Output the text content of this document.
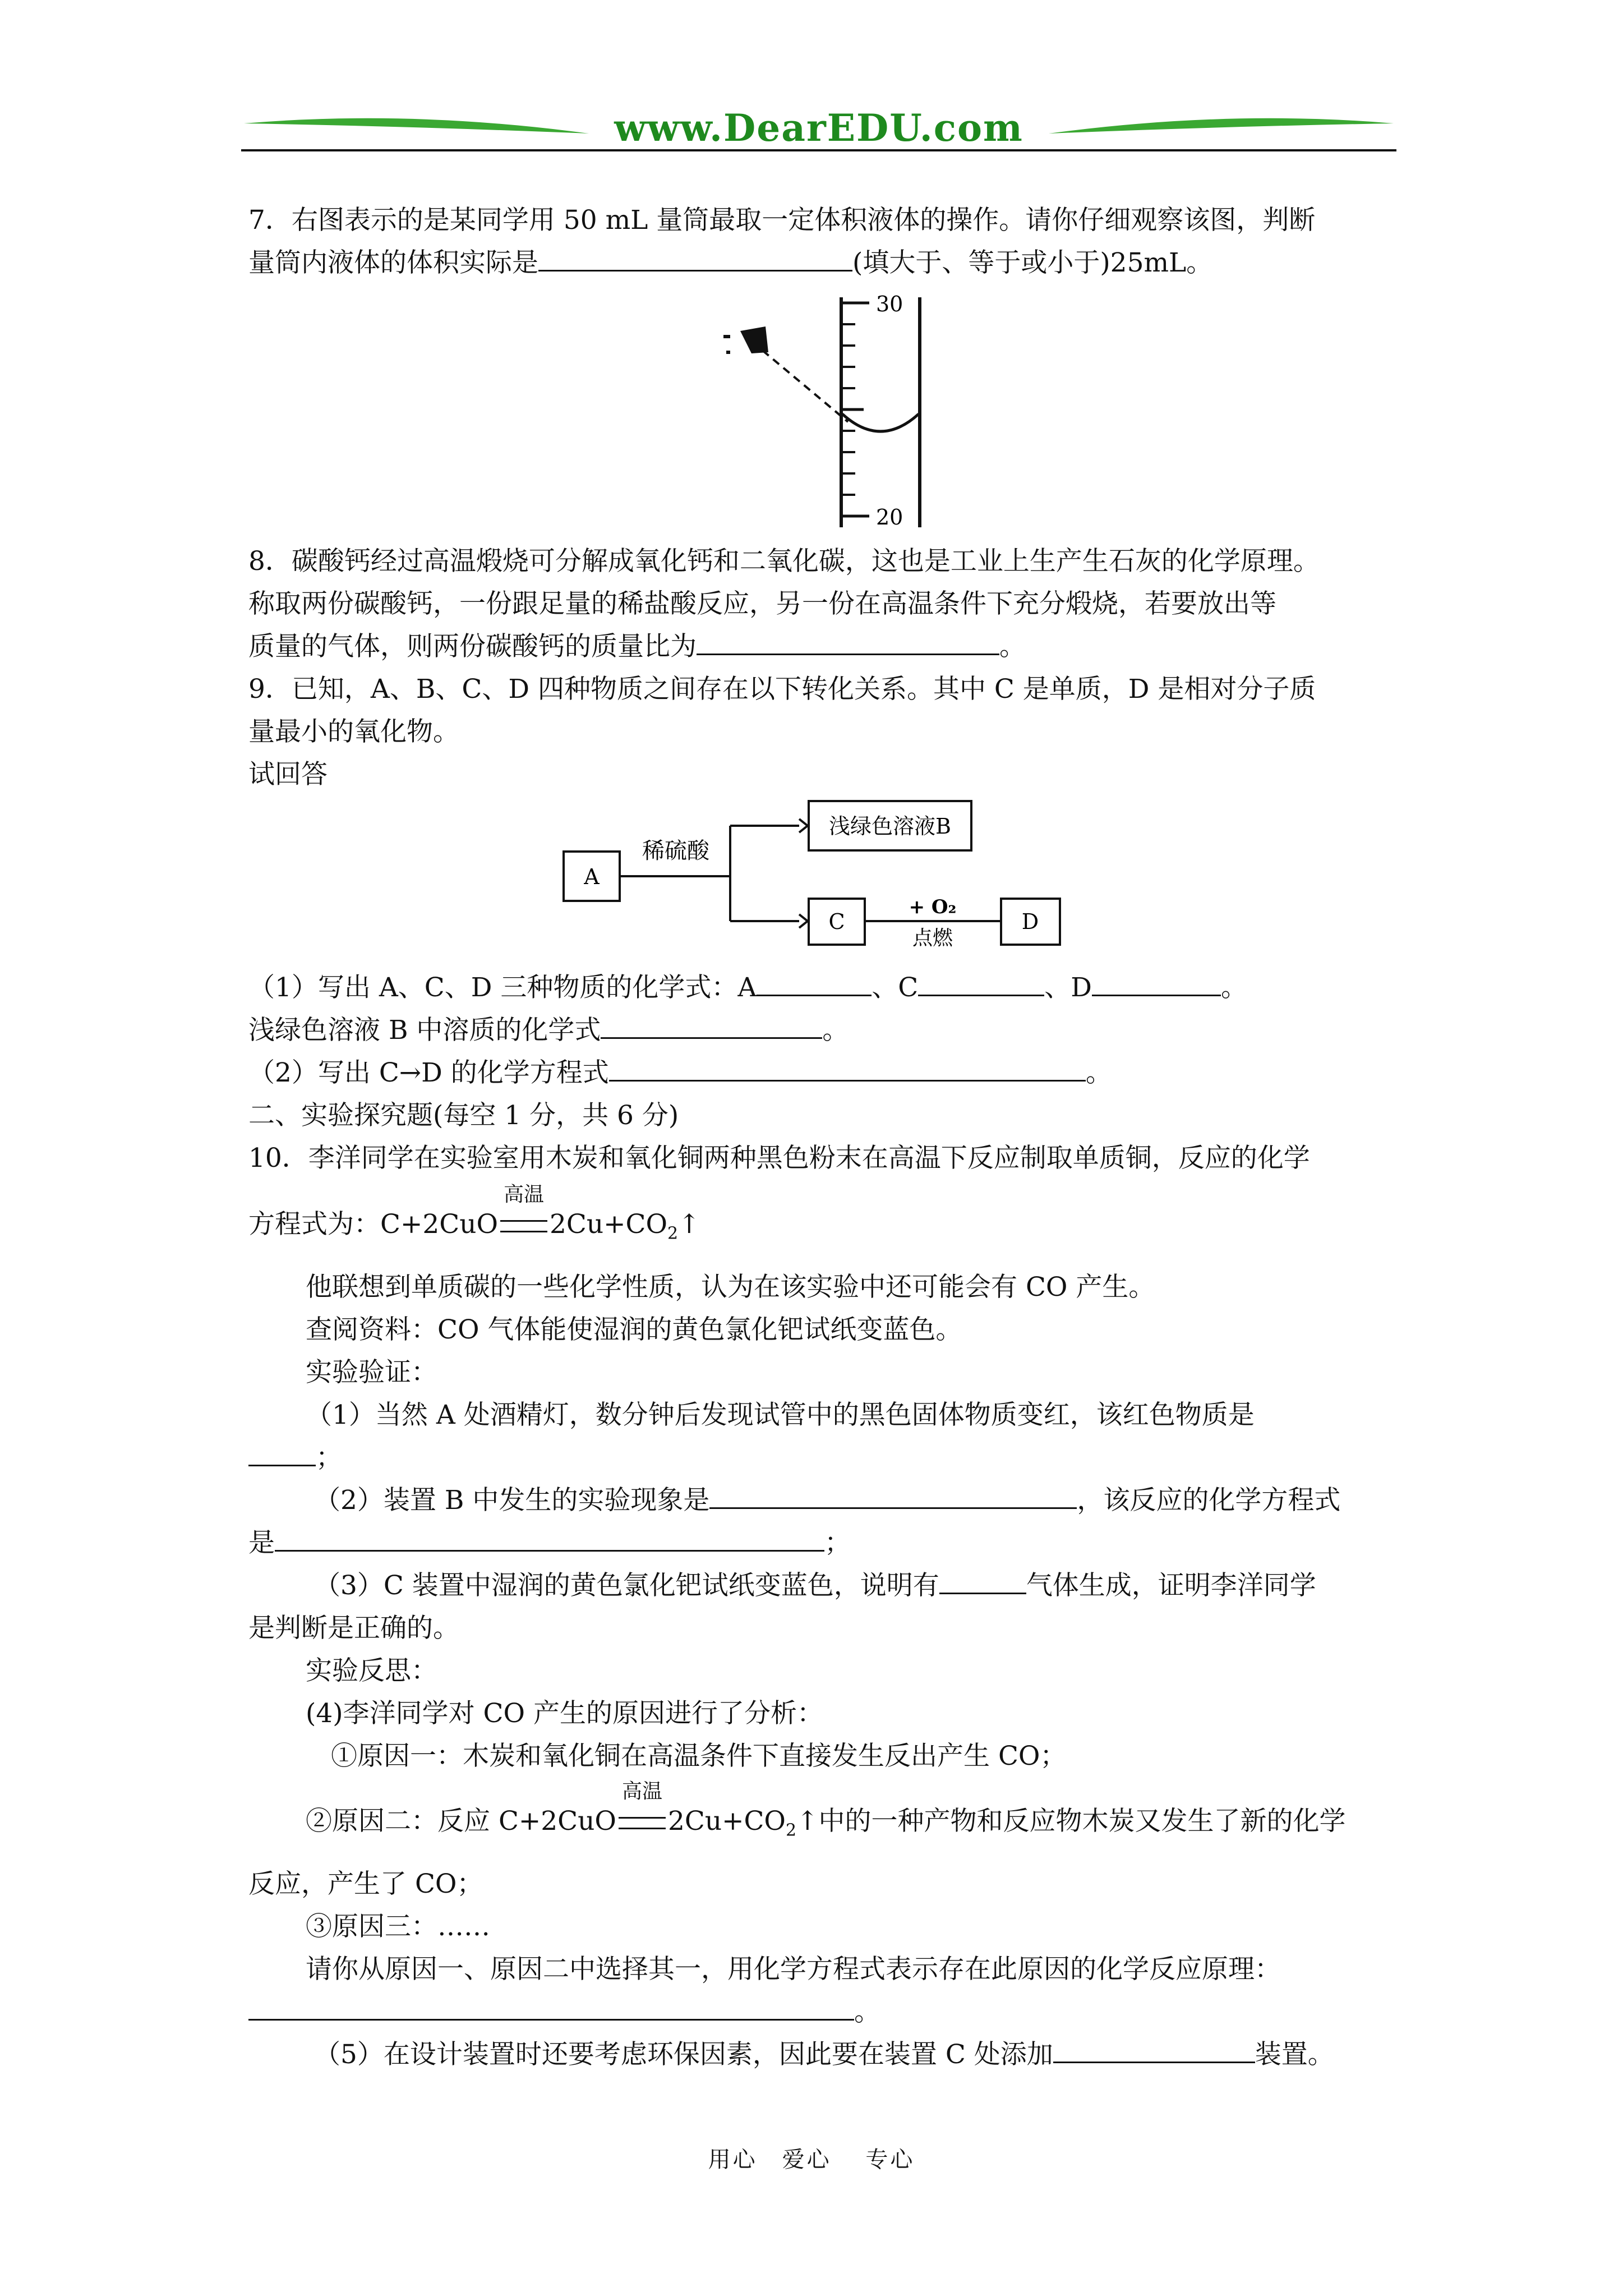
www.DearEDU.com
7．右图表示的是某同学用 50 mL 量筒最取一定体积液体的操作。请你仔细观察该图，判断
量筒内液体的体积实际是	(填大于、等于或小于)25mL。
30
20
8．碳酸钙经过高温煅烧可分解成氧化钙和二氧化碳，这也是工业上生产生石灰的化学原理。
称取两份碳酸钙，一份跟足量的稀盐酸反应，另一份在高温条件下充分煅烧，若要放出等
质量的气体，则两份碳酸钙的质量比为	。
9．已知，A、B、C、D 四种物质之间存在以下转化关系。其中 C 是单质，D 是相对分子质
量最小的氧化物。
试回答
A
稀硫酸
浅绿色溶液B
C
+ O₂
点燃
D
（1）写出 A、C、D 三种物质的化学式：A	、C	、D	。
浅绿色溶液 B 中溶质的化学式	。
（2）写出 C→D 的化学方程式	。
二、实验探究题(每空 1 分，共 6 分)
10．李洋同学在实验室用木炭和氧化铜两种黑色粉末在高温下反应制取单质铜，反应的化学
方程式为：C+2CuO
高温
$2Cu+CO_2↑$
他联想到单质碳的一些化学性质，认为在该实验中还可能会有 CO 产生。
查阅资料：CO 气体能使湿润的黄色氯化钯试纸变蓝色。
实验验证：
（1）当然 A 处酒精灯，数分钟后发现试管中的黑色固体物质变红，该红色物质是
；
（2）装置 B 中发生的实验现象是	，该反应的化学方程式
是	；
（3）C 装置中湿润的黄色氯化钯试纸变蓝色，说明有	气体生成，证明李洋同学
是判断是正确的。
实验反思：
(4)李洋同学对 CO 产生的原因进行了分析：
①原因一：木炭和氧化铜在高温条件下直接发生反出产生 CO；
②原因二：反应 C+2CuO
高温
$2Cu+CO_2↑$中的一种产物和反应物木炭又发生了新的化学
反应，产生了 CO；
③原因三：……
请你从原因一、原因二中选择其一，用化学方程式表示存在此原因的化学反应原理：
。
（5）在设计装置时还要考虑环保因素，因此要在装置 C 处添加	装置。
用心　爱心　 专心
